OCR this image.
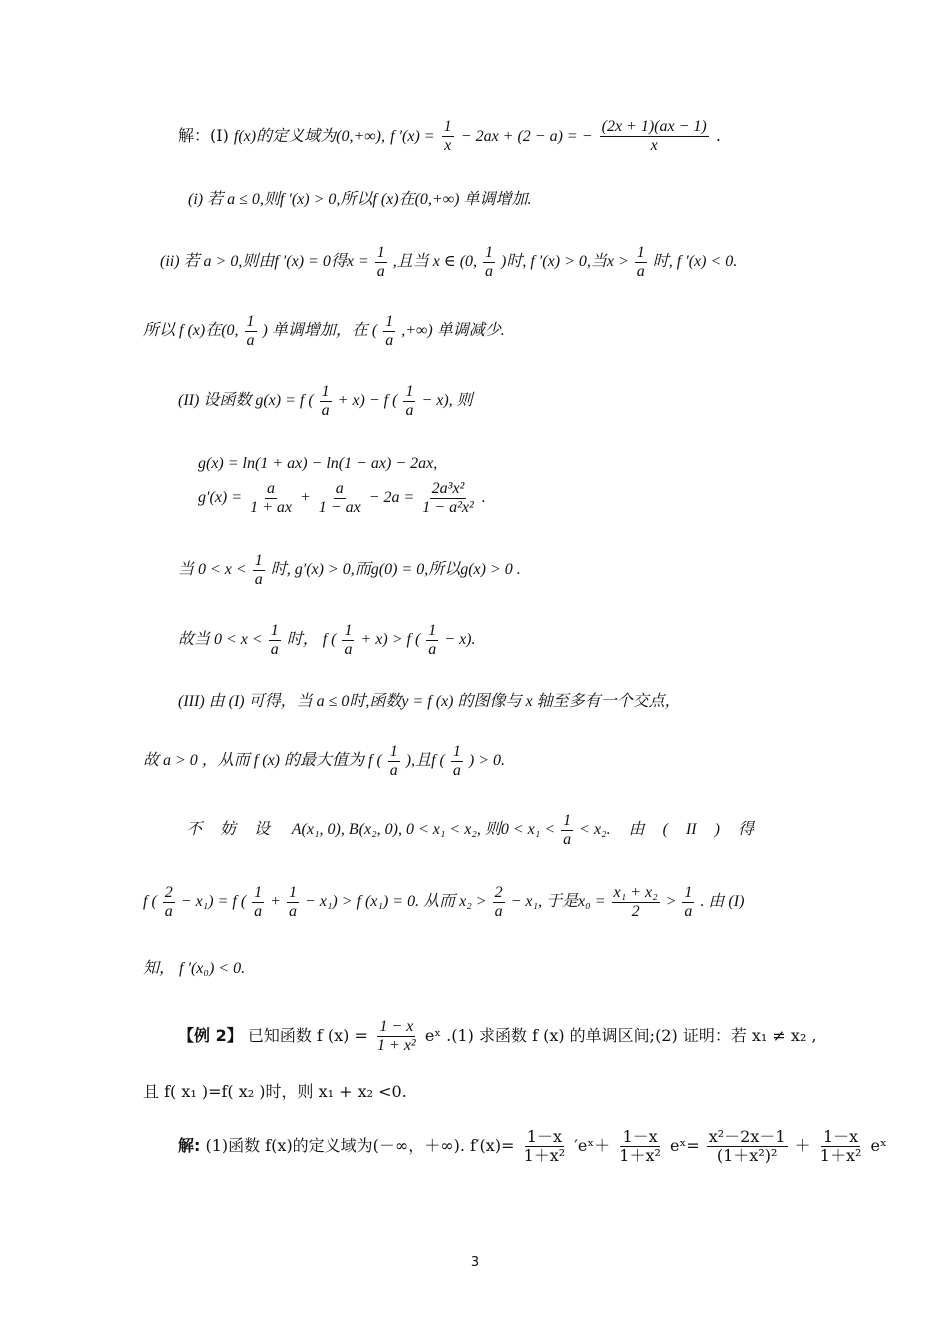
解：(I) f(x)的定义域为(0,+∞), f $'(x) = \frac{1}{x} - 2ax + (2 - a)$ = − $\frac{(2x + 1)(ax - 1)}{x}$ .
(i) 若 a ≤ 0,则f ′(x) > 0,所以f (x)在(0,+∞) 单调增加.
(ii) 若 a > 0,则由f ′(x) = 0得$x = \frac{1}{a}$ ,且当 x ∈ (0, $\frac{1}{a}$ )时, f ′(x) > 0,当$x > \frac{1}{a}$ 时, f ′(x) < 0.
所以 f (x)在(0, $\frac{1}{a}$ ) 单调增加，在 ( $\frac{1}{a}$ ,+∞) 单调减少.
(II) 设函数 g(x) = f ( $\frac{1}{a} + x) - f$ ( $\frac{1}{a} - x$), 则
g(x) = ln(1 + ax) − ln(1 − ax) − 2ax,
$g'(x) = \frac{a}{1 + ax} + \frac{a}{1 - ax} - 2a = \frac{\text{2a³x²}}{\text{1 − a²x²}}$ .
当 $0 < x < \frac{1}{a}$ 时, g′(x) > 0,而g(0) = 0,所以g(x) > 0 .
故当 $0 < x < \frac{1}{a}$ 时， f ( $\frac{1}{a} + x) > f$ ( $\frac{1}{a} - x$).
(III) 由 (I) 可得，当 a ≤ 0时,函数y = f (x) 的图像与 x 轴至多有一个交点，
故 a > 0 ，从而 f (x) 的最大值为 f ( $\frac{1}{a}$ ),且f ( $\frac{1}{a}$ ) > 0.
不 妨 设 A(x₁, 0), B(x₂, 0), 0 < x₁ < x₂, 则$0 < x_1 < \frac{1}{a} < x_2$. 由 ( II ) 得
f ( $\frac{2}{a} - x_1) = f$ ( $\frac{1}{a} + \frac{1}{a} - x_1) > f$ (x₁) = 0. 从而 $x_2 > \frac{2}{a} - x_1$, 于是$x_0 = \frac{\text{x₁ + x₂}}{2} > \frac{1}{a}$ . 由 (I)
知， f ′(x₀) < 0.
【例 2】 已知函数 f $(x) = \frac{1 - x}{\text{1 + x²}}$ eˣ .(1) 求函数 f (x) 的单调区间;(2) 证明：若 x₁ ≠ x₂ ,
且 f( x₁ )=f( x₂ )时，则 x₁ + x₂ <0.
解: (1)函数 f(x)的定义域为(－∞，＋∞). $f'(x)= \frac{1-x}{\text{1＋x²}}$ ′eˣ＋ $\frac{1-x}{\text{1＋x²}}$ eˣ= $\frac{\text{x²－2x－1}}{\text{(1＋x²)²}} + \frac{1-x}{\text{1＋x²}}$ eˣ
3
